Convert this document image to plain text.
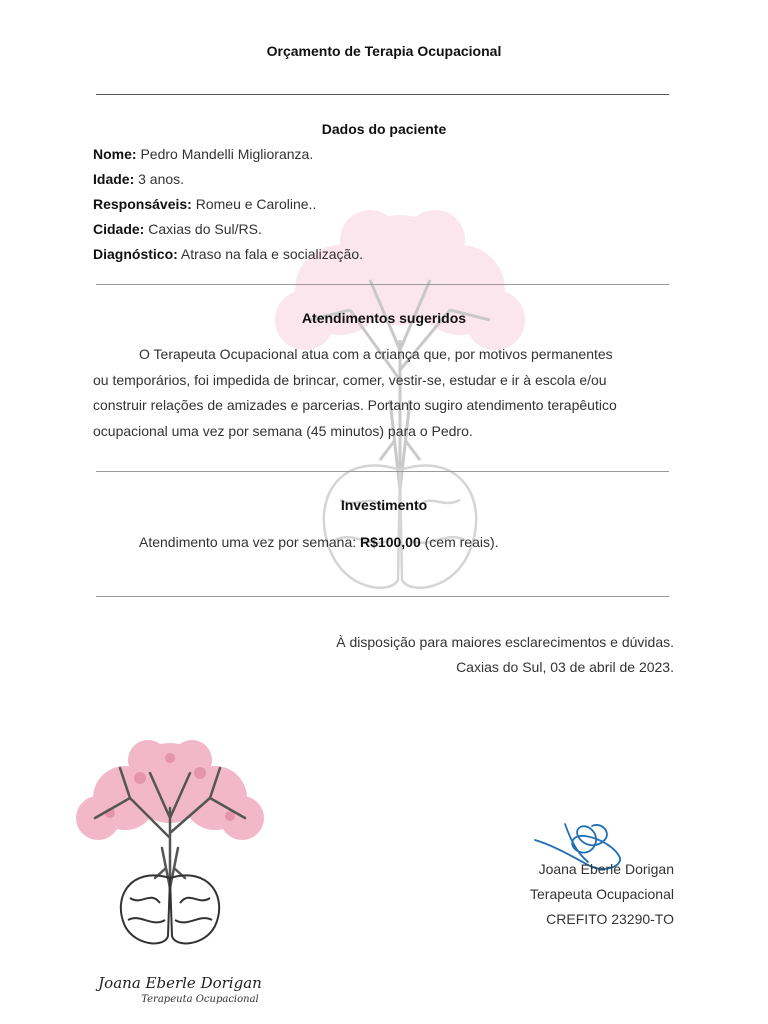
Orçamento de Terapia Ocupacional
Dados do paciente
Nome: Pedro Mandelli Miglioranza.
Idade: 3 anos.
Responsáveis: Romeu e Caroline..
Cidade: Caxias do Sul/RS.
Diagnóstico: Atraso na fala e socialização.
Atendimentos sugeridos
O Terapeuta Ocupacional atua com a criança que, por motivos permanentes
ou temporários, foi impedida de brincar, comer, vestir-se, estudar e ir à escola e/ou
construir relações de amizades e parcerias. Portanto sugiro atendimento terapêutico
ocupacional uma vez por semana (45 minutos) para o Pedro.
Investimento
Atendimento uma vez por semana: R$100,00 (cem reais).
À disposição para maiores esclarecimentos e dúvidas.
Caxias do Sul, 03 de abril de 2023.
Joana Eberle Dorigan
Terapeuta Ocupacional
CREFITO 23290-TO
Joana Eberle Dorigan
Terapeuta Ocupacional
